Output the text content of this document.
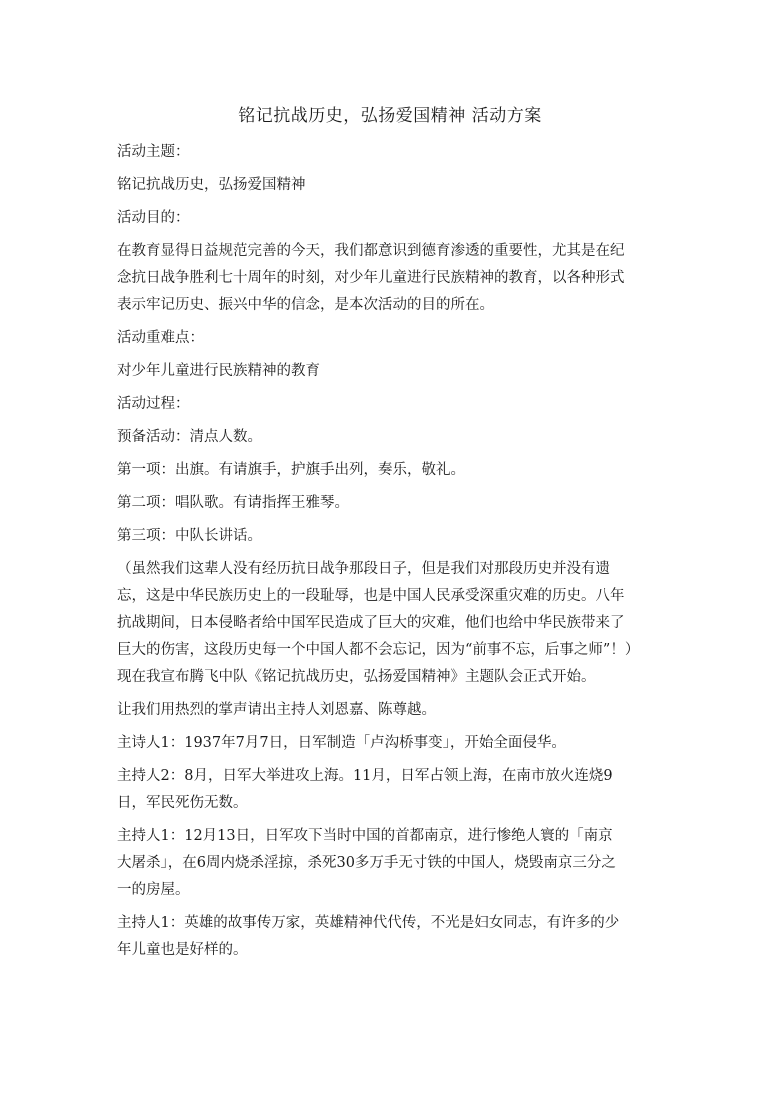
铭记抗战历史，弘扬爱国精神 活动方案

活动主题：

铭记抗战历史，弘扬爱国精神

活动目的：

在教育显得日益规范完善的今天，我们都意识到德育渗透的重要性，尤其是在纪

念抗日战争胜利七十周年的时刻，对少年儿童进行民族精神的教育，以各种形式

表示牢记历史、振兴中华的信念，是本次活动的目的所在。

活动重难点：

对少年儿童进行民族精神的教育

活动过程：

预备活动：清点人数。

第一项：出旗。有请旗手，护旗手出列，奏乐，敬礼。

第二项：唱队歌。有请指挥王雅琴。

第三项：中队长讲话。

（虽然我们这辈人没有经历抗日战争那段日子，但是我们对那段历史并没有遗

忘，这是中华民族历史上的一段耻辱，也是中国人民承受深重灾难的历史。八年

抗战期间，日本侵略者给中国军民造成了巨大的灾难，他们也给中华民族带来了

巨大的伤害，这段历史每一个中国人都不会忘记，因为“前事不忘，后事之师”！）

现在我宣布腾飞中队《铭记抗战历史，弘扬爱国精神》主题队会正式开始。

让我们用热烈的掌声请出主持人刘恩嘉、陈尊越。

主诗人1：1937年7月7日，日军制造「卢沟桥事变」，开始全面侵华。

主持人2：8月，日军大举进攻上海。11月，日军占领上海，在南市放火连烧9

日，军民死伤无数。

主持人1：12月13日，日军攻下当时中国的首都南京，进行惨绝人寰的「南京

大屠杀」，在6周内烧杀淫掠，杀死30多万手无寸铁的中国人，烧毁南京三分之

一的房屋。

主持人1：英雄的故事传万家，英雄精神代代传，不光是妇女同志，有许多的少

年儿童也是好样的。
